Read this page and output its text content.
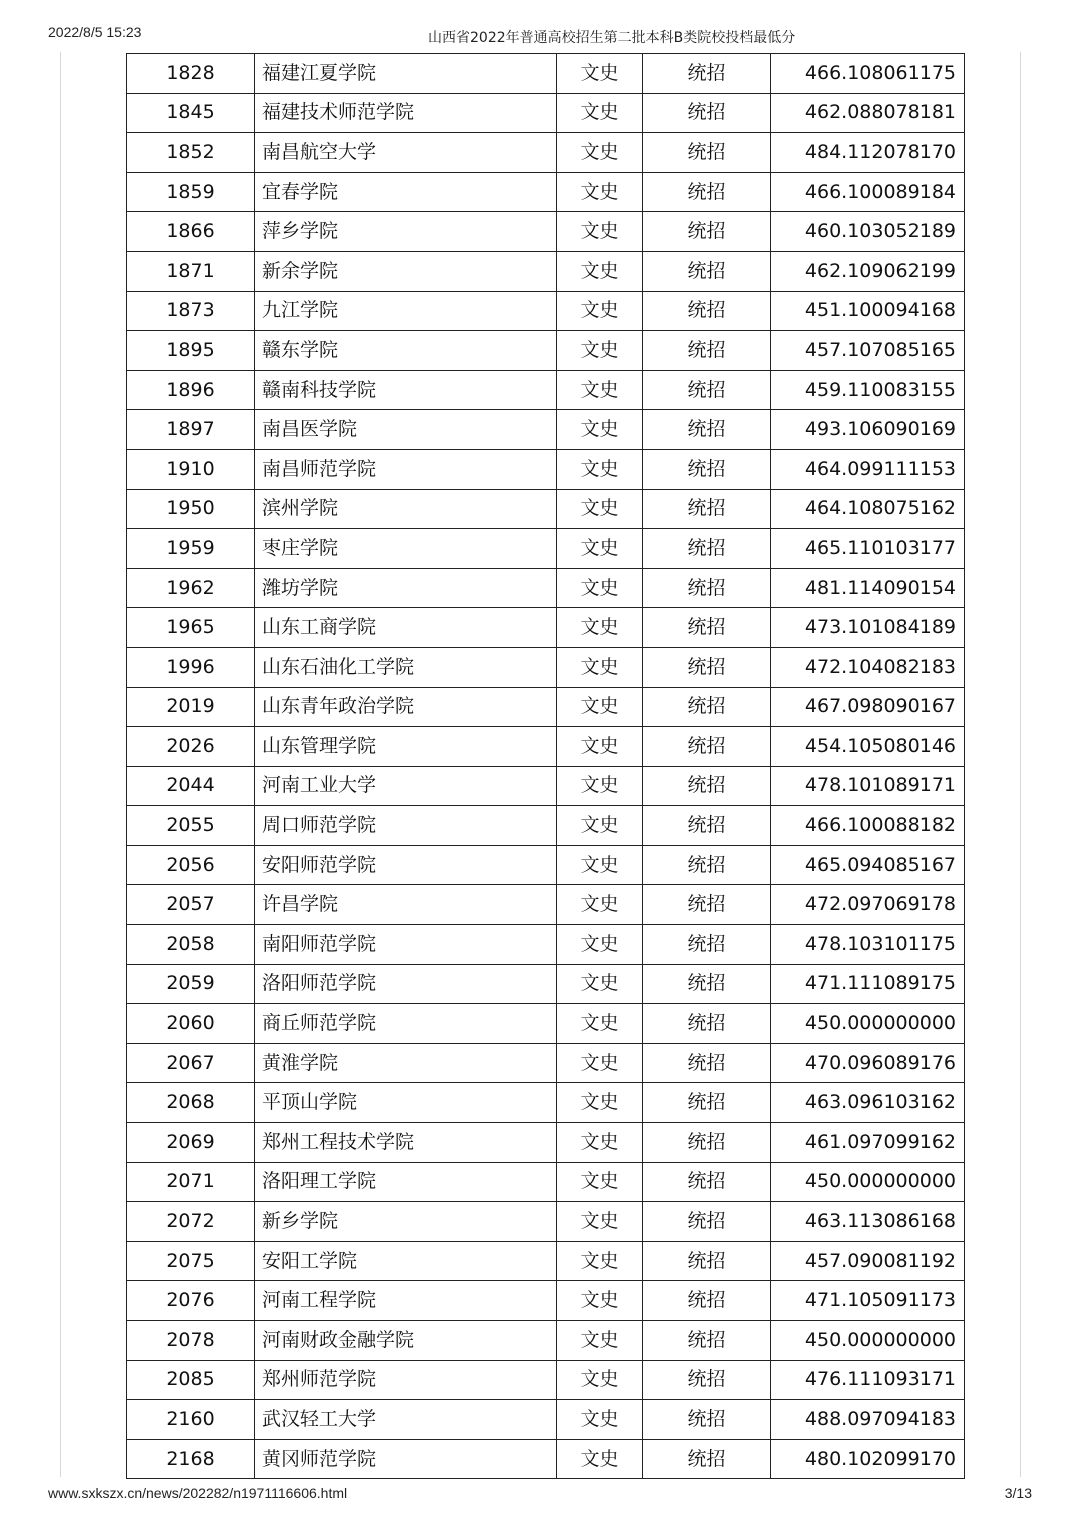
2022/8/5 15:23	山西省2022年普通高校招生第二批本科B类院校投档最低分
1828	福建江夏学院	文史	统招	466.108061175
1845	福建技术师范学院	文史	统招	462.088078181
1852	南昌航空大学	文史	统招	484.112078170
1859	宜春学院	文史	统招	466.100089184
1866	萍乡学院	文史	统招	460.103052189
1871	新余学院	文史	统招	462.109062199
1873	九江学院	文史	统招	451.100094168
1895	赣东学院	文史	统招	457.107085165
1896	赣南科技学院	文史	统招	459.110083155
1897	南昌医学院	文史	统招	493.106090169
1910	南昌师范学院	文史	统招	464.099111153
1950	滨州学院	文史	统招	464.108075162
1959	枣庄学院	文史	统招	465.110103177
1962	潍坊学院	文史	统招	481.114090154
1965	山东工商学院	文史	统招	473.101084189
1996	山东石油化工学院	文史	统招	472.104082183
2019	山东青年政治学院	文史	统招	467.098090167
2026	山东管理学院	文史	统招	454.105080146
2044	河南工业大学	文史	统招	478.101089171
2055	周口师范学院	文史	统招	466.100088182
2056	安阳师范学院	文史	统招	465.094085167
2057	许昌学院	文史	统招	472.097069178
2058	南阳师范学院	文史	统招	478.103101175
2059	洛阳师范学院	文史	统招	471.111089175
2060	商丘师范学院	文史	统招	450.000000000
2067	黄淮学院	文史	统招	470.096089176
2068	平顶山学院	文史	统招	463.096103162
2069	郑州工程技术学院	文史	统招	461.097099162
2071	洛阳理工学院	文史	统招	450.000000000
2072	新乡学院	文史	统招	463.113086168
2075	安阳工学院	文史	统招	457.090081192
2076	河南工程学院	文史	统招	471.105091173
2078	河南财政金融学院	文史	统招	450.000000000
2085	郑州师范学院	文史	统招	476.111093171
2160	武汉轻工大学	文史	统招	488.097094183
2168	黄冈师范学院	文史	统招	480.102099170
www.sxkszx.cn/news/202282/n1971116606.html	3/13
